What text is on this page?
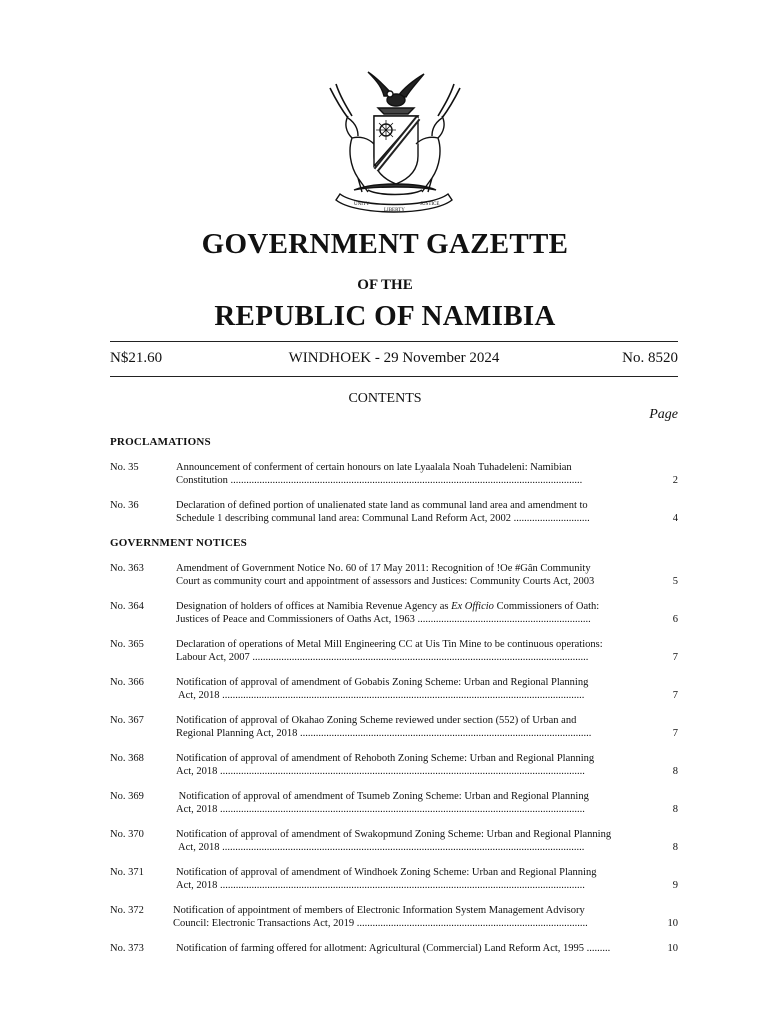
UNITY
LIBERTY
JUSTICE
GOVERNMENT GAZETTE
OF THE
REPUBLIC OF NAMIBIA
WINDHOEK - 29 November 2024
N$21.60	No. 8520
CONTENTS
Page
PROCLAMATIONS
No. 35	Announcement of conferment of certain honours on late Lyaalala Noah Tuhadeleni: Namibian
Constitution ......................................................................................................................................	2
No. 36	Declaration of defined portion of unalienated state land as communal land area and amendment to
Schedule 1 describing communal land area: Communal Land Reform Act, 2002 .............................	4
GOVERNMENT NOTICES
No. 363	Amendment of Government Notice No. 60 of 17 May 2011: Recognition of !Oe #Gân Community
Court as community court and appointment of assessors and Justices: Community Courts Act, 2003	5
No. 364	Designation of holders of offices at Namibia Revenue Agency as Ex Officio Commissioners of Oath:
Justices of Peace and Commissioners of Oaths Act, 1963 ..................................................................	6
No. 365	Declaration of operations of Metal Mill Engineering CC at Uis Tin Mine to be continuous operations:
Labour Act, 2007 ................................................................................................................................	7
No. 366	Notification of approval of amendment of Gobabis Zoning Scheme: Urban and Regional Planning
Act, 2018 ..........................................................................................................................................	7
No. 367	Notification of approval of Okahao Zoning Scheme reviewed under section (552) of Urban and
Regional Planning Act, 2018 ...............................................................................................................	7
No. 368	Notification of approval of amendment of Rehoboth Zoning Scheme: Urban and Regional Planning
Act, 2018 ...........................................................................................................................................	8
No. 369	Notification of approval of amendment of Tsumeb Zoning Scheme: Urban and Regional Planning
Act, 2018 ...........................................................................................................................................	8
No. 370	Notification of approval of amendment of Swakopmund Zoning Scheme: Urban and Regional Planning
Act, 2018 ..........................................................................................................................................	8
No. 371	Notification of approval of amendment of Windhoek Zoning Scheme: Urban and Regional Planning
Act, 2018 ...........................................................................................................................................	9
No. 372	Notification of appointment of members of Electronic Information System Management Advisory
Council: Electronic Transactions Act, 2019 ........................................................................................	10
No. 373	Notification of farming offered for allotment: Agricultural (Commercial) Land Reform Act, 1995 .........	10
